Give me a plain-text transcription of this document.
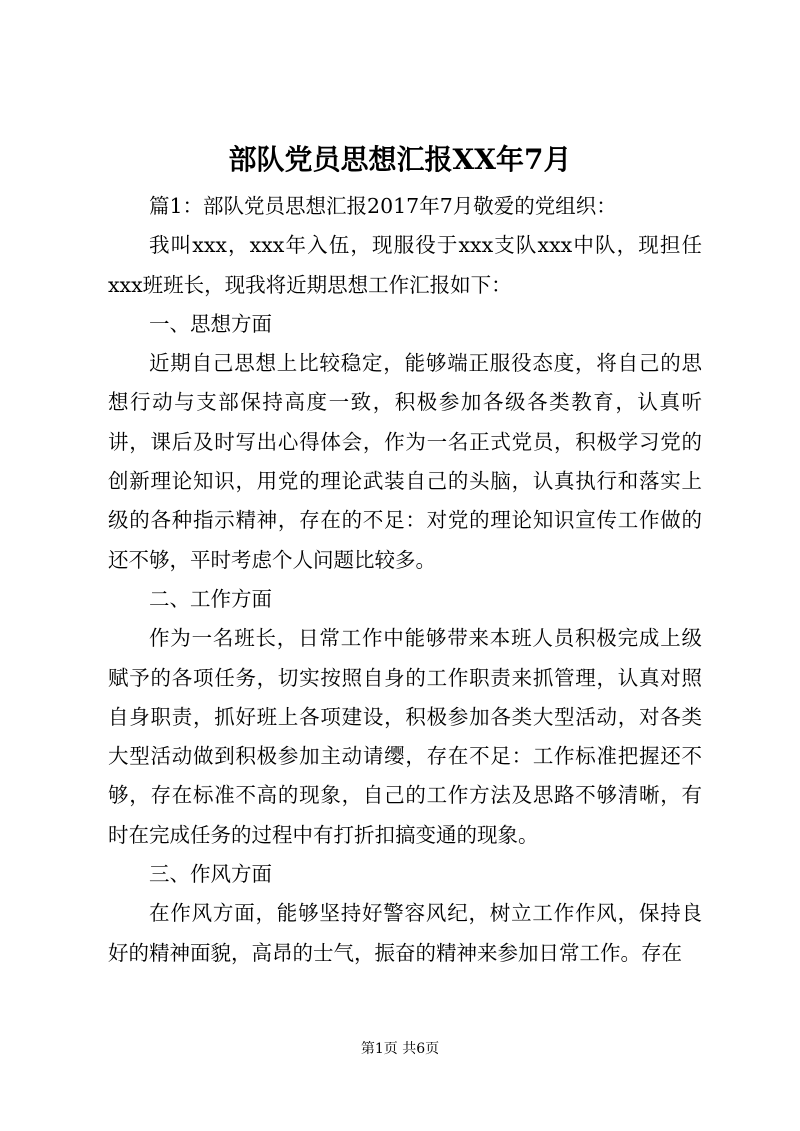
部队党员思想汇报XX年7月

篇1：部队党员思想汇报2017年7月敬爱的党组织：

我叫xxx，xxx年入伍，现服役于xxx支队xxx中队，现担任xxx班班长，现我将近期思想工作汇报如下：

一、思想方面

近期自己思想上比较稳定，能够端正服役态度，将自己的思想行动与支部保持高度一致，积极参加各级各类教育，认真听讲，课后及时写出心得体会，作为一名正式党员，积极学习党的创新理论知识，用党的理论武装自己的头脑，认真执行和落实上级的各种指示精神，存在的不足：对党的理论知识宣传工作做的还不够，平时考虑个人问题比较多。

二、工作方面

作为一名班长，日常工作中能够带来本班人员积极完成上级赋予的各项任务，切实按照自身的工作职责来抓管理，认真对照自身职责，抓好班上各项建设，积极参加各类大型活动，对各类大型活动做到积极参加主动请缨，存在不足：工作标准把握还不够，存在标准不高的现象，自己的工作方法及思路不够清晰，有时在完成任务的过程中有打折扣搞变通的现象。

三、作风方面

在作风方面，能够坚持好警容风纪，树立工作作风，保持良好的精神面貌，高昂的士气，振奋的精神来参加日常工作。存在

第1页 共6页
